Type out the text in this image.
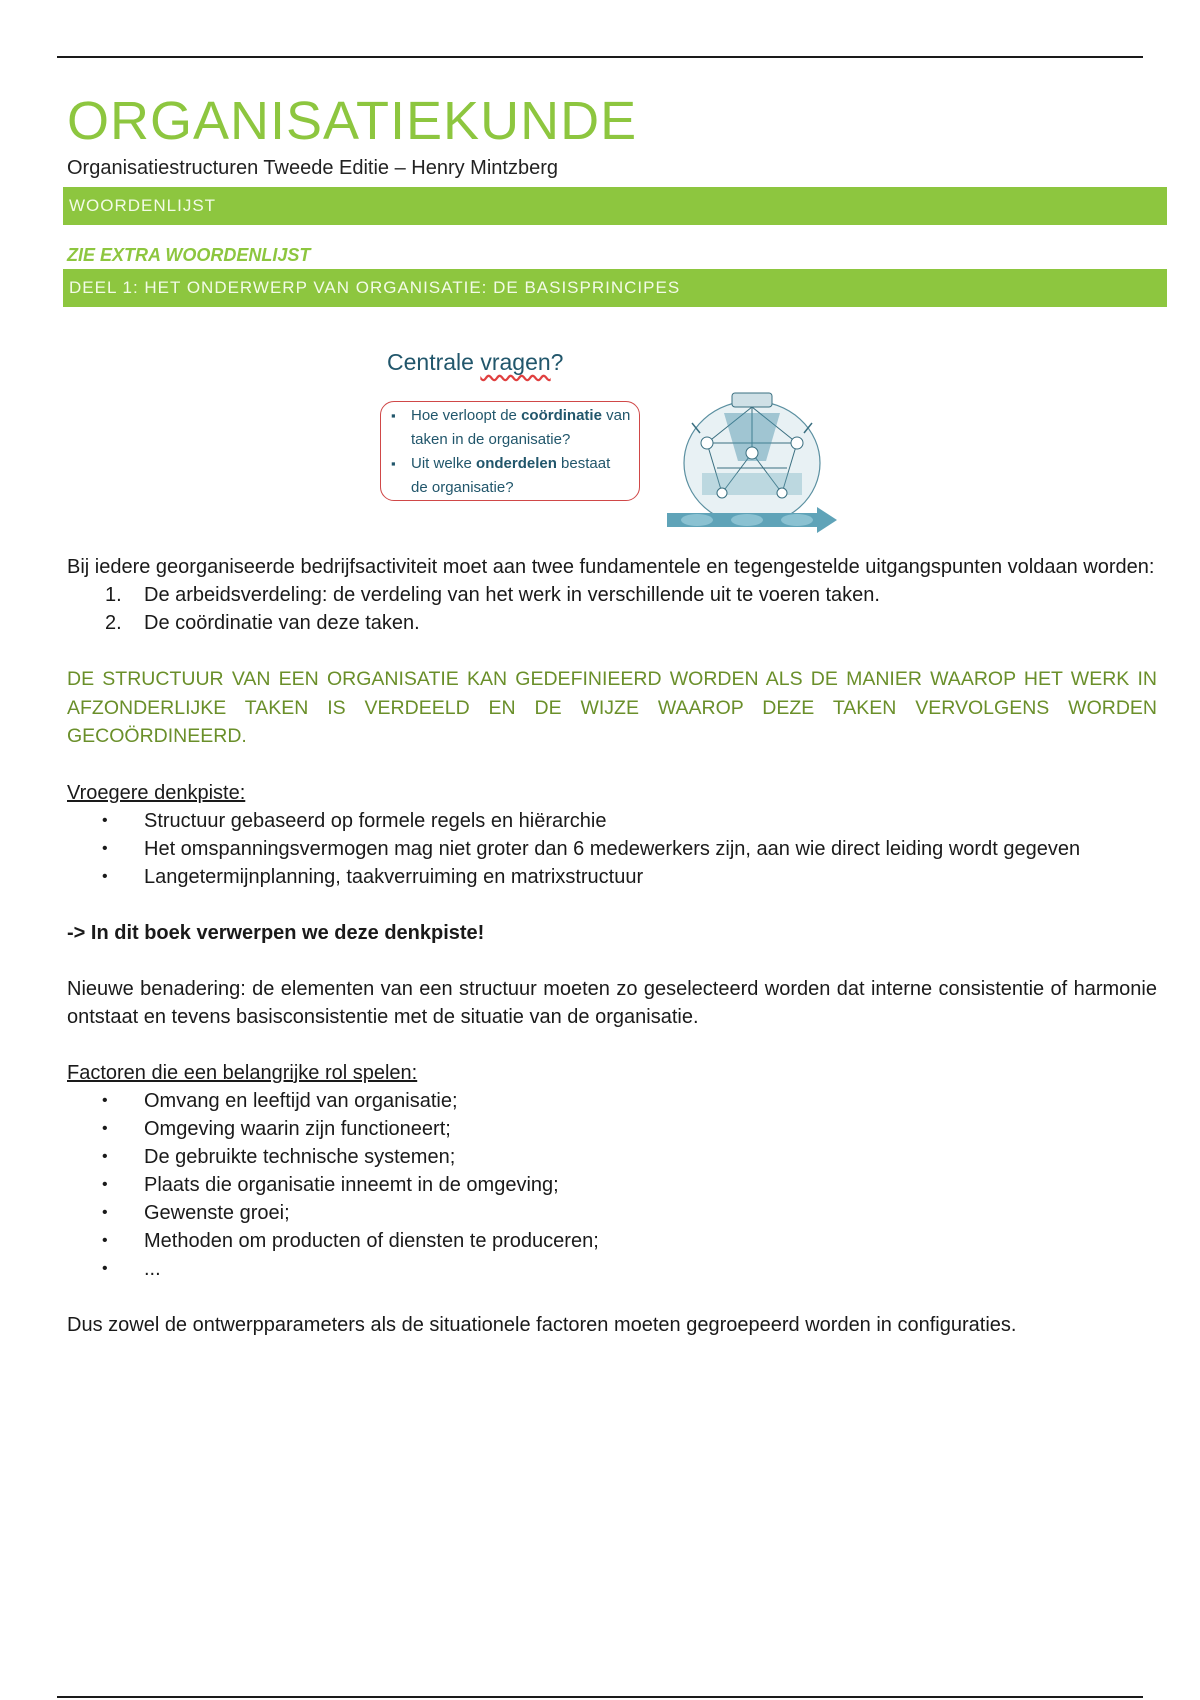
ORGANISATIEKUNDE
Organisatiestructuren Tweede Editie – Henry Mintzberg
WOORDENLIJST
ZIE EXTRA WOORDENLIJST
DEEL 1: HET ONDERWERP VAN ORGANISATIE: DE BASISPRINCIPES
Centrale vragen?
▪ Hoe verloopt de coördinatie van taken in de organisatie?
▪ Uit welke onderdelen bestaat de organisatie?

Bij iedere georganiseerde bedrijfsactiviteit moet aan twee fundamentele en tegengestelde uitgangspunten voldaan worden:

1. De arbeidsverdeling: de verdeling van het werk in verschillende uit te voeren taken.
2. De coördinatie van deze taken.

DE STRUCTUUR VAN EEN ORGANISATIE KAN GEDEFINIEERD WORDEN ALS DE MANIER WAAROP HET WERK IN AFZONDERLIJKE TAKEN IS VERDEELD EN DE WIJZE WAAROP DEZE TAKEN VERVOLGENS WORDEN GECOÖRDINEERD.

Vroegere denkpiste:
• Structuur gebaseerd op formele regels en hiërarchie
• Het omspanningsvermogen mag niet groter dan 6 medewerkers zijn, aan wie direct leiding wordt gegeven
• Langetermijnplanning, taakverruiming en matrixstructuur

-> In dit boek verwerpen we deze denkpiste!

Nieuwe benadering: de elementen van een structuur moeten zo geselecteerd worden dat interne consistentie of harmonie ontstaat en tevens basisconsistentie met de situatie van de organisatie.

Factoren die een belangrijke rol spelen:
• Omvang en leeftijd van organisatie;
• Omgeving waarin zijn functioneert;
• De gebruikte technische systemen;
• Plaats die organisatie inneemt in de omgeving;
• Gewenste groei;
• Methoden om producten of diensten te produceren;
• ...

Dus zowel de ontwerpparameters als de situationele factoren moeten gegroepeerd worden in configuraties.
